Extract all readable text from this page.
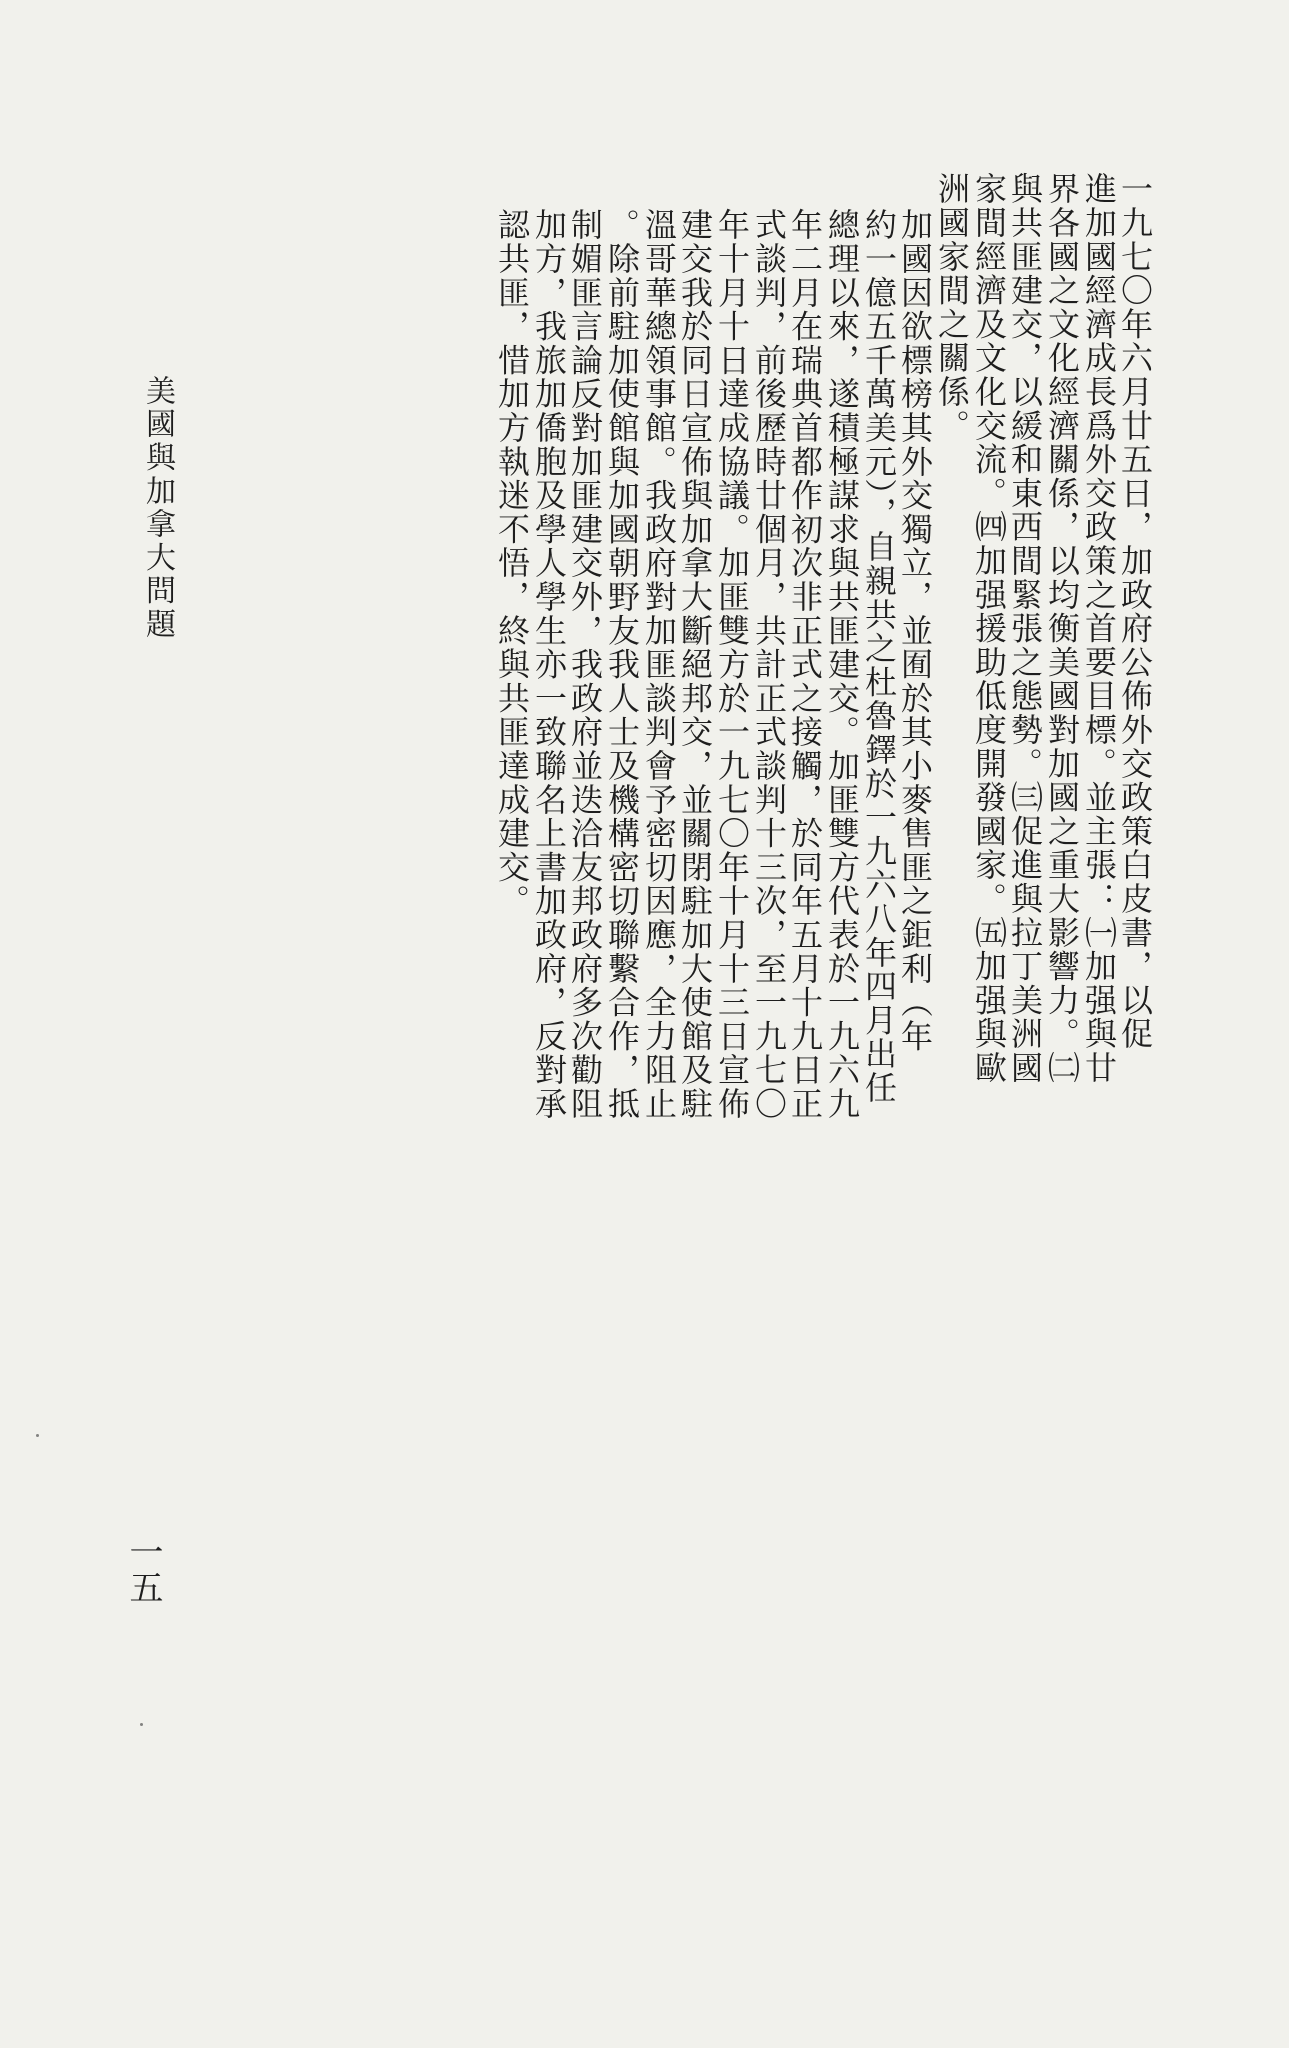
一九七〇年六月廿五日，加政府公佈外交政策白皮書，以促
進加國經濟成長爲外交政策之首要目標。並主張：㈠加强與廿
界各國之文化經濟關係，以均衡美國對加國之重大影響力。㈡
與共匪建交，以緩和東西間緊張之態勢。㈢促進與拉丁美洲國
家間經濟及文化交流。㈣加强援助低度開發國家。㈤加强與歐
洲國家間之關係。
加國因欲標榜其外交獨立，並囿於其小麥售匪之鉅利（年
約一億五千萬美元），自親共之杜魯鐸於一九六八年四月出任
總理以來，遂積極謀求與共匪建交。加匪雙方代表於一九六九
年二月在瑞典首都作初次非正式之接觸，於同年五月十九日正
式談判，前後歷時廿個月，共計正式談判十三次，至一九七〇
年十月十日達成協議。加匪雙方於一九七〇年十月十三日宣佈
建交我於同日宣佈與加拿大斷絕邦交，並關閉駐加大使館及駐
溫哥華總領事館。我政府對加匪談判會予密切因應，全力阻止
。除前駐加使館與加國朝野友我人士及機構密切聯繫合作，抵
制媚匪言論反對加匪建交外，我政府並迭洽友邦政府多次勸阻
加方，我旅加僑胞及學人學生亦一致聯名上書加政府，反對承
認共匪，惜加方執迷不悟，終與共匪達成建交。
美國與加拿大問題
一五
